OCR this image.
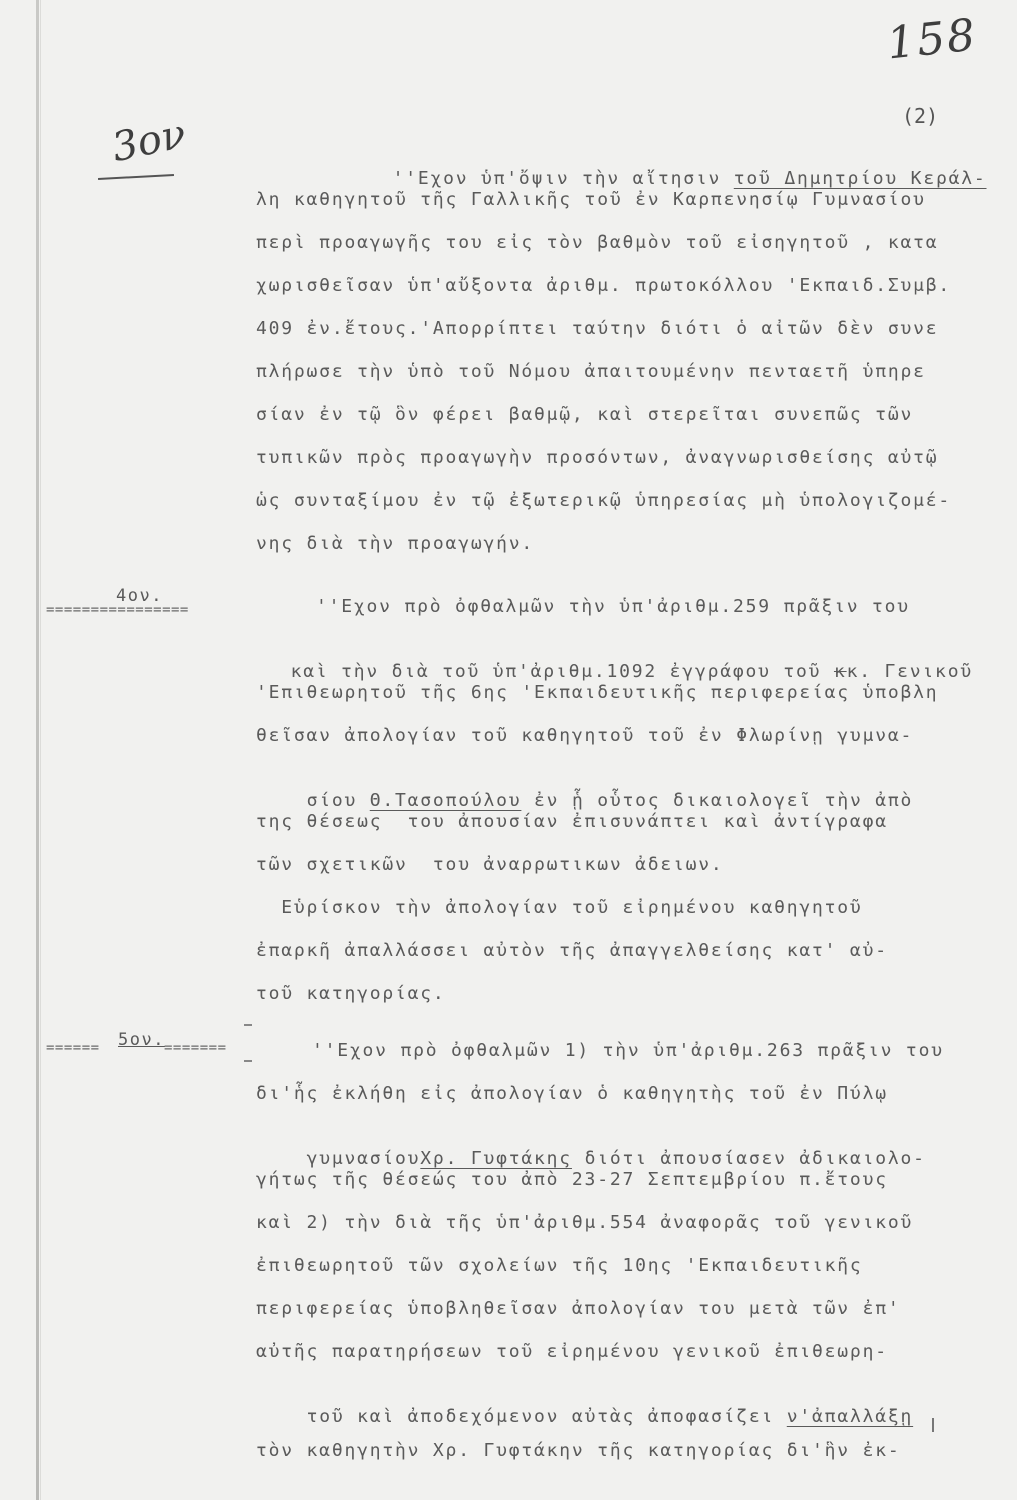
158
3ον	(2)

''Εχον ὑπ'ὄψιν τὴν αἴτησιν τοῦ Δημητρίου Κεράλ-

λη καθηγητοῦ τῆς Γαλλικῆς τοῦ ἐν Καρπενησίῳ Γυμνασίου
περὶ προαγωγῆς του εἰς τὸν βαθμὸν τοῦ εἰσηγητοῦ , κατα
χωρισθεῖσαν ὑπ'αὔξοντα ἀριθμ. πρωτοκόλλου 'Εκπαιδ.Συμβ.
409 ἐν.ἔτους.'Απορρίπτει ταύτην διότι ὁ αἰτῶν δὲν συνε
πλήρωσε τὴν ὑπὸ τοῦ Νόμου ἀπαιτουμένην πενταετῆ ὑπηρε
σίαν ἐν τῷ ὃν φέρει βαθμῷ, καὶ στερεῖται συνεπῶς τῶν
τυπικῶν πρὸς προαγωγὴν προσόντων, ἀναγνωρισθείσης αὐτῷ
ὡς συνταξίμου ἐν τῷ ἐξωτερικῷ ὑπηρεσίας μὴ ὑπολογιζομέ-
νης διὰ τὴν προαγωγήν.
4ον.
================	''Εχον πρὸ ὀφθαλμῶν τὴν ὑπ'ἀριθμ.259 πρᾶξιν του

καὶ τὴν διὰ τοῦ ὑπ'ἀριθμ.1092 ἐγγράφου τοῦ κκ. Γενικοῦ

'Επιθεωρητοῦ τῆς 6ης 'Εκπαιδευτικῆς περιφερείας ὑποβλη
θεῖσαν ἀπολογίαν τοῦ καθηγητοῦ τοῦ ἐν Φλωρίνῃ γυμνα-

σίου Θ.Τασοπούλου ἐν ᾗ οὗτος δικαιολογεῖ τὴν ἀπὸ

της θέσεως  του ἀπουσίαν ἐπισυνάπτει καὶ ἀντίγραφα
τῶν σχετικῶν  του ἀναρρωτικων ἀδειων.
Εὑρίσκον τὴν ἀπολογίαν τοῦ εἰρημένου καθηγητοῦ
ἐπαρκῆ ἀπαλλάσσει αὐτὸν τῆς ἀπαγγελθείσης κατ' αὐ-
τοῦ κατηγορίας.
====== 5ον. =======	''Εχον πρὸ ὀφθαλμῶν 1) τὴν ὑπ'ἀριθμ.263 πρᾶξιν του
δι'ἧς ἐκλήθη εἰς ἀπολογίαν ὁ καθηγητὴς τοῦ ἐν Πύλῳ

γυμνασίουΧρ. Γυφτάκης διότι ἀπουσίασεν ἀδικαιολο-

γήτως τῆς θέσεώς του ἀπὸ 23-27 Σεπτεμβρίου π.ἔτους
καὶ 2) τὴν διὰ τῆς ὑπ'ἀριθμ.554 ἀναφορᾶς τοῦ γενικοῦ
ἐπιθεωρητοῦ τῶν σχολείων τῆς 10ης 'Εκπαιδευτικῆς
περιφερείας ὑποβληθεῖσαν ἀπολογίαν του μετὰ τῶν ἐπ'
αὐτῆς παρατηρήσεων τοῦ εἰρημένου γενικοῦ ἐπιθεωρη-

τοῦ καὶ ἀποδεχόμενον αὐτὰς ἀποφασίζει ν'ἀπαλλάξῃ

τὸν καθηγητὴν Χρ. Γυφτάκην τῆς κατηγορίας δι'ἣν ἐκ-
